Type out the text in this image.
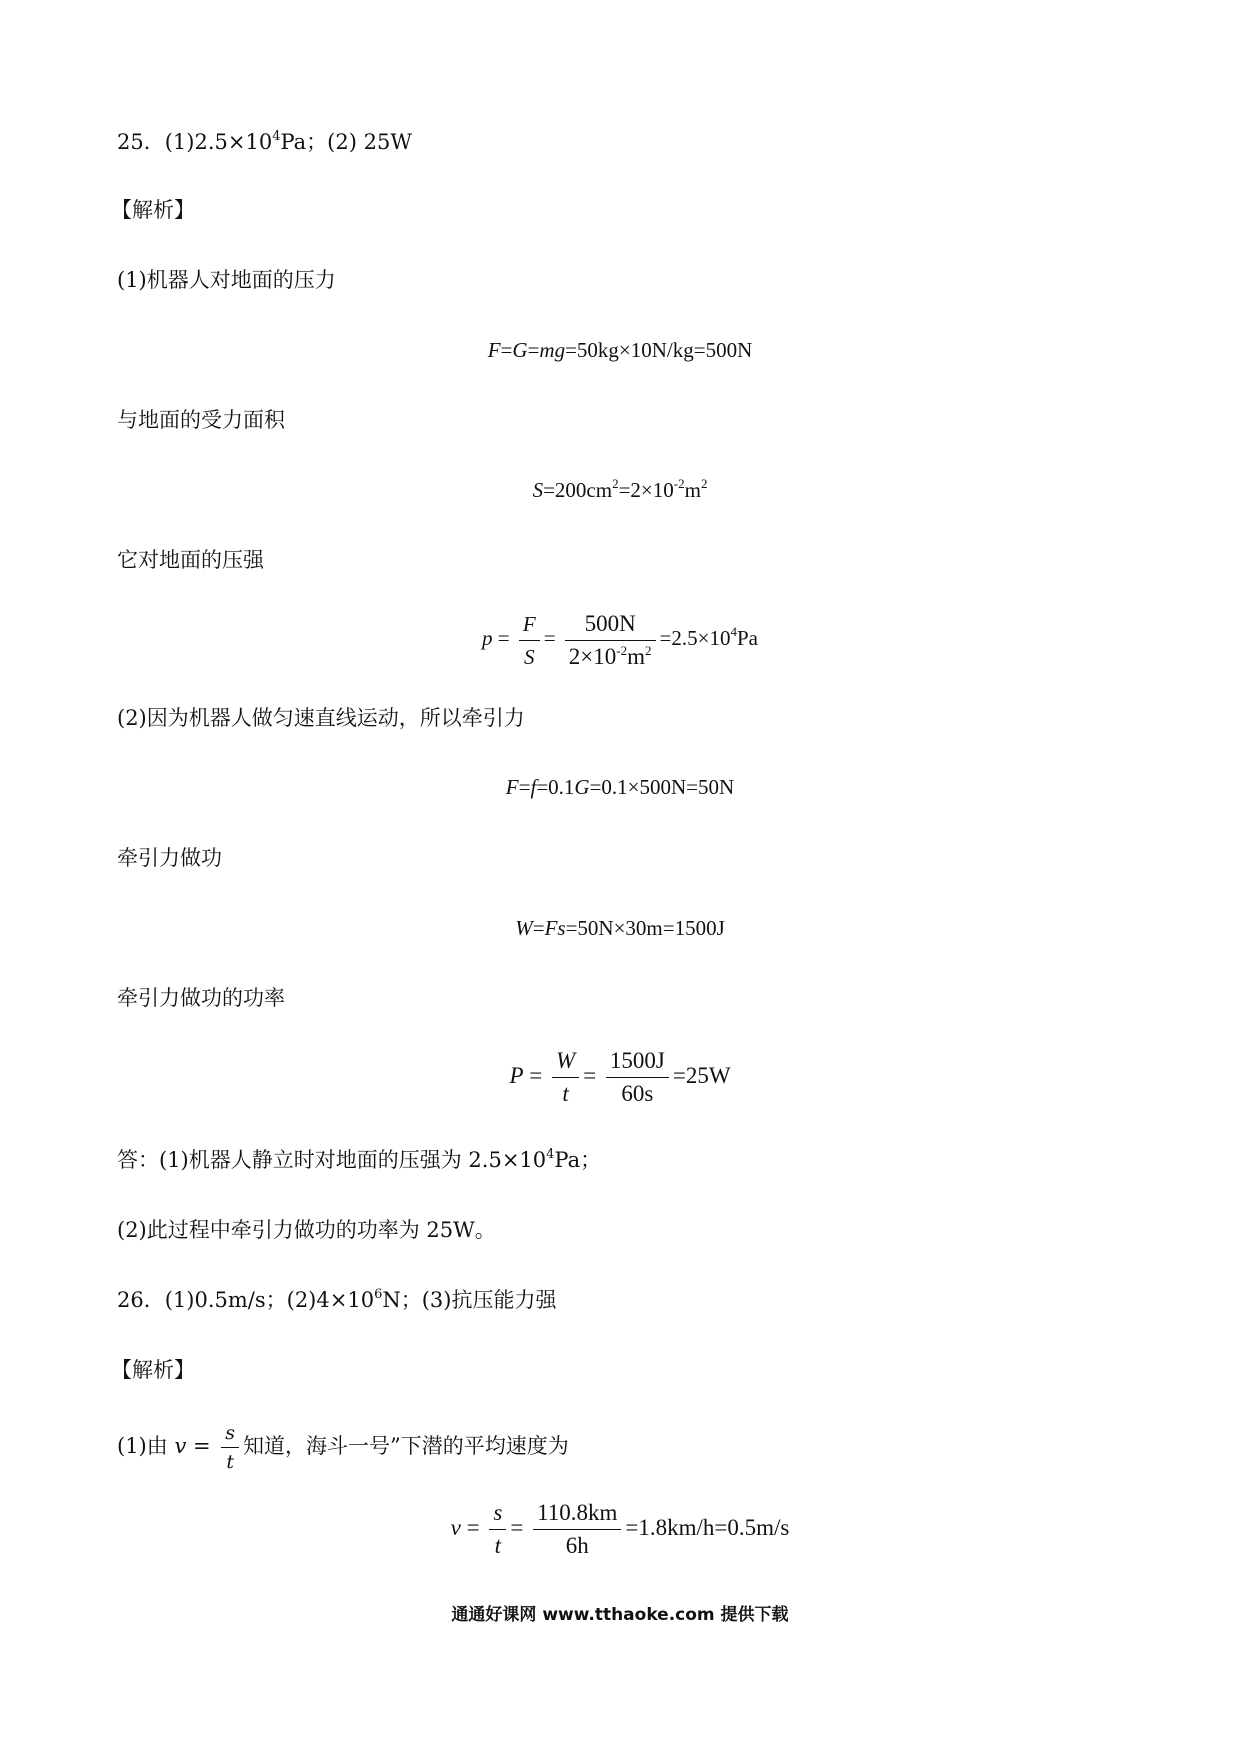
25．$(1)2.5\times 10^4Pa$；(2) 25W
【解析】
(1)机器人对地面的压力
F=G=mg=50kg×10N/kg=500N
与地面的受力面积
$S=200cm^2=2\times 10^{-2}m^2$
它对地面的压强
$p = \frac{F}{S} = \frac{500N}{2\times 10^{-2}m^2} =2.5\times 10^4Pa$
(2)因为机器人做匀速直线运动，所以牵引力
F=f=0.1G=0.1×500N=50N
牵引力做功
W=Fs=50N×30m=1500J
牵引力做功的功率
$P = \frac{W}{t} = \frac{1500J}{60s} =25W$
答：(1)机器人静立时对地面的压强为 $2.5\times 10^4Pa$；
(2)此过程中牵引力做功的功率为 25W。
26．(1)0.5m/s；$(2)4\times 10^6N$；(3)抗压能力强
【解析】
(1)由 $v = \frac{s}{t}$ 知道，海斗一号”下潜的平均速度为
$v = \frac{s}{t} = \frac{110.8km}{6h} =1.8km/h=0.5m/s$
通通好课网 www.tthaoke.com 提供下载
